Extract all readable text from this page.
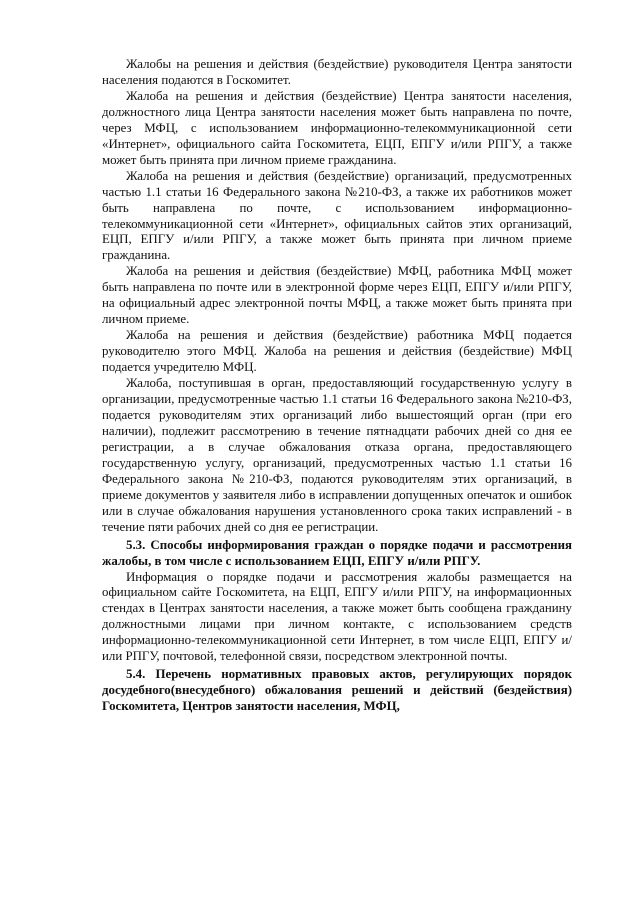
Жалобы на решения и действия (бездействие) руководителя Центра занятости населения подаются в Госкомитет.

Жалоба на решения и действия (бездействие) Центра занятости населения, должностного лица Центра занятости населения может быть направлена по почте, через МФЦ, с использованием информационно-телекоммуникационной сети «Интернет», официального сайта Госкомитета, ЕЦП, ЕПГУ и/или РПГУ, а также может быть принята при личном приеме гражданина.

Жалоба на решения и действия (бездействие) организаций, предусмотренных частью 1.1 статьи 16 Федерального закона №210-ФЗ, а также их работников может быть направлена по почте, с использованием информационно-телекоммуникационной сети «Интернет», официальных сайтов этих организаций, ЕЦП, ЕПГУ и/или РПГУ, а также может быть принята при личном приеме гражданина.

Жалоба на решения и действия (бездействие) МФЦ, работника МФЦ может быть направлена по почте или в электронной форме через ЕЦП, ЕПГУ и/или РПГУ, на официальный адрес электронной почты МФЦ, а также может быть принята при личном приеме.

Жалоба на решения и действия (бездействие) работника МФЦ подается руководителю этого МФЦ. Жалоба на решения и действия (бездействие) МФЦ подается учредителю МФЦ.

Жалоба, поступившая в орган, предоставляющий государственную услугу в организации, предусмотренные частью 1.1 статьи 16 Федерального закона №210-ФЗ, подается руководителям этих организаций либо вышестоящий орган (при его наличии), подлежит рассмотрению в течение пятнадцати рабочих дней со дня ее регистрации, а в случае обжалования отказа органа, предоставляющего государственную услугу, организаций, предусмотренных частью 1.1 статьи 16 Федерального закона №210-ФЗ, подаются руководителям этих организаций, в приеме документов у заявителя либо в исправлении допущенных опечаток и ошибок или в случае обжалования нарушения установленного срока таких исправлений - в течение пяти рабочих дней со дня ее регистрации.

5.3. Способы информирования граждан о порядке подачи и рассмотрения жалобы, в том числе с использованием ЕЦП, ЕПГУ и/или РПГУ.

Информация о порядке подачи и рассмотрения жалобы размещается на официальном сайте Госкомитета, на ЕЦП, ЕПГУ и/или РПГУ, на информационных стендах в Центрах занятости населения, а также может быть сообщена гражданину должностными лицами при личном контакте, с использованием средств информационно-телекоммуникационной сети Интернет, в том числе ЕЦП, ЕПГУ и/или РПГУ, почтовой, телефонной связи, посредством электронной почты.

5.4. Перечень нормативных правовых актов, регулирующих порядок досудебного(внесудебного) обжалования решений и действий (бездействия) Госкомитета, Центров занятости населения, МФЦ,
